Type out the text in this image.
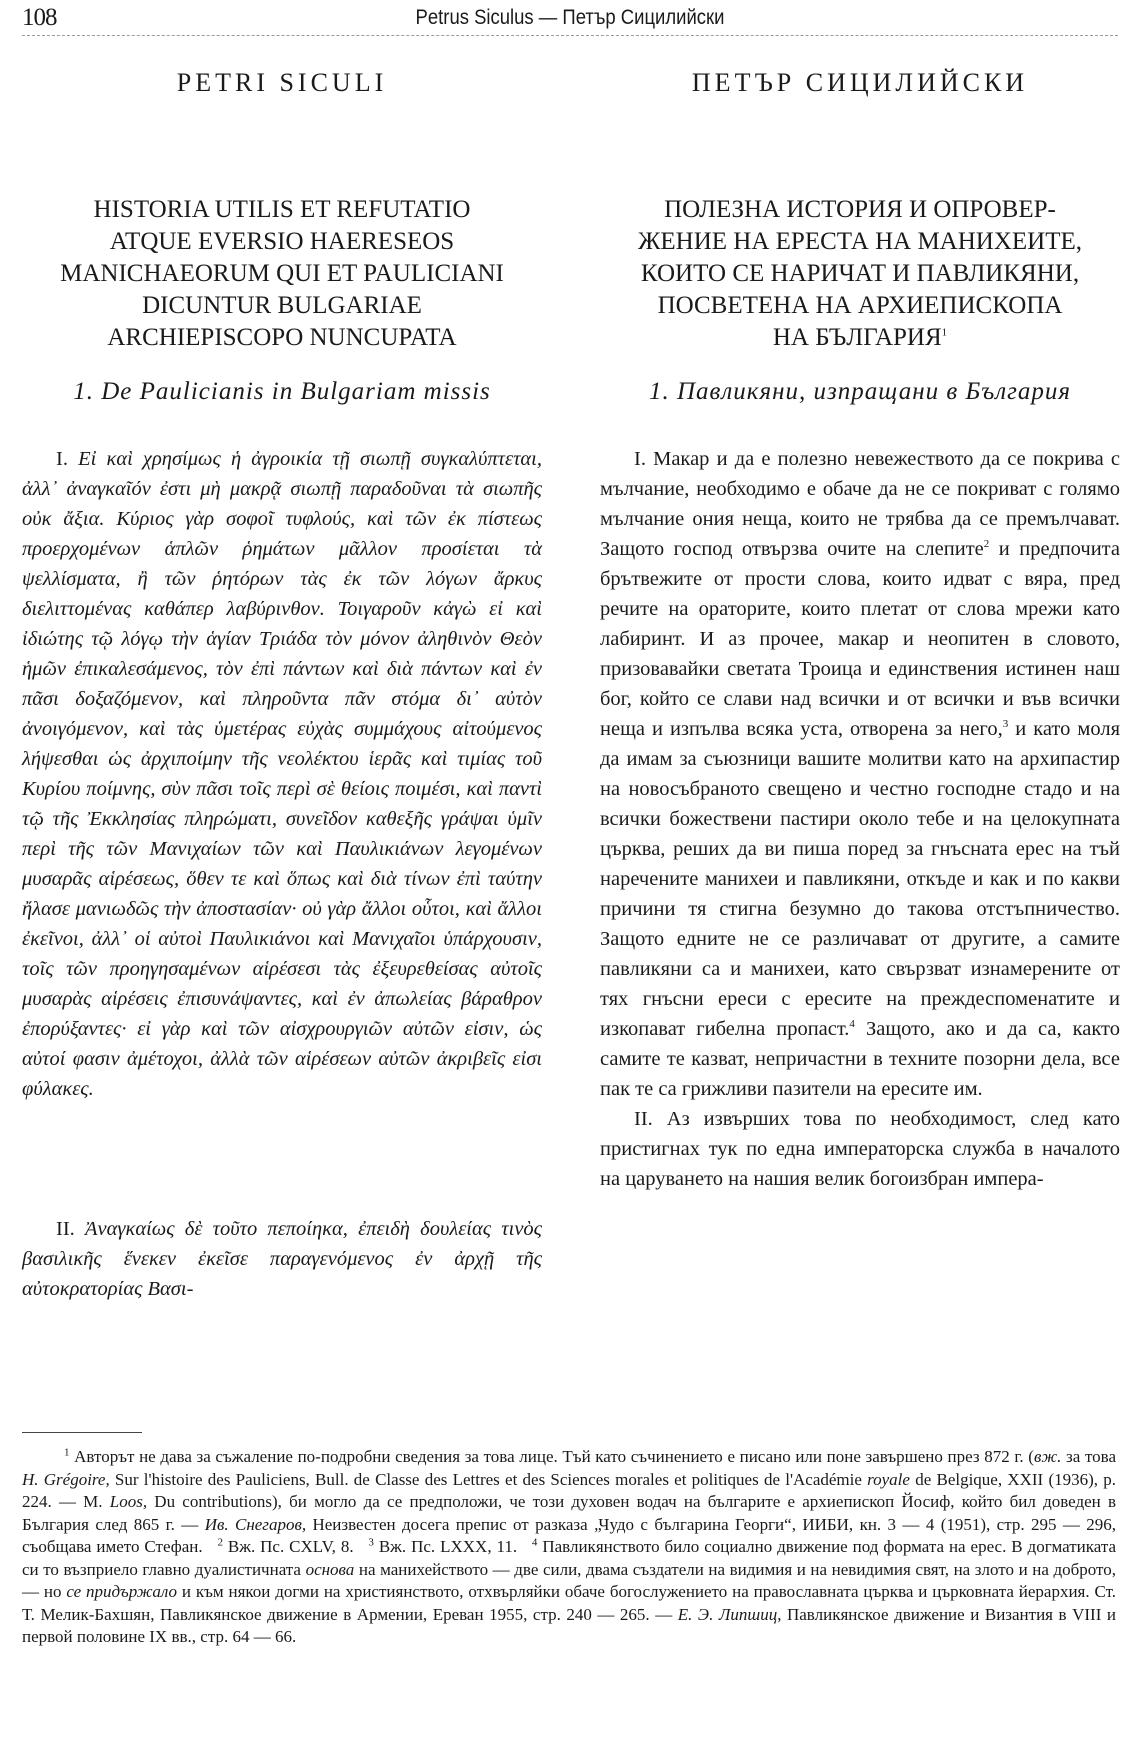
108	Petrus Siculus — Петър Сицилийски
PETRI SICULI
HISTORIA UTILIS ET REFUTATIO
ATQUE EVERSIO HAERESEOS
MANICHAEORUM QUI ET PAULICIANI
DICUNTUR BULGARIAE
ARCHIEPISCOPO NUNCUPATA
1. De Paulicianis in Bulgariam missis

I. Εἰ καὶ χρησίμως ἡ ἀγροικία τῇ σιωπῇ συγκαλύπτεται, ἀλλ᾽ ἀναγκαῖόν ἐστι μὴ μακρᾷ σιωπῇ παραδοῦναι τὰ σιωπῆς οὐκ ἄξια. Κύριος γὰρ σοφοῖ τυφλούς, καὶ τῶν ἐκ πίστεως προερχομένων ἁπλῶν ῥημάτων μᾶλλον προσίεται τὰ ψελλίσματα, ἢ τῶν ῥητόρων τὰς ἐκ τῶν λόγων ἄρκυς διελιττομένας καθάπερ λαβύρινθον. Τοιγαροῦν κἀγὼ εἰ καὶ ἰδιώτης τῷ λόγῳ τὴν ἁγίαν Τριάδα τὸν μόνον ἀληθινὸν Θεὸν ἡμῶν ἐπικαλεσάμενος, τὸν ἐπὶ πάντων καὶ διὰ πάντων καὶ ἐν πᾶσι δοξαζόμενον, καὶ πληροῦντα πᾶν στόμα δι᾽ αὐτὸν ἀνοιγόμενον, καὶ τὰς ὑμετέρας εὐχὰς συμμάχους αἰτούμενος λήψεσθαι ὡς ἀρχιποίμην τῆς νεολέκτου ἱερᾶς καὶ τιμίας τοῦ Κυρίου ποίμνης, σὺν πᾶσι τοῖς περὶ σὲ θείοις ποιμέσι, καὶ παντὶ τῷ τῆς Ἐκκλησίας πληρώματι, συνεῖδον καθεξῆς γράψαι ὑμῖν περὶ τῆς τῶν Μανιχαίων τῶν καὶ Παυλικιάνων λεγομένων μυσαρᾶς αἱρέσεως, ὅθεν τε καὶ ὅπως καὶ διὰ τίνων ἐπὶ ταύτην ἤλασε μανιωδῶς τὴν ἀποστασίαν· οὐ γὰρ ἄλλοι οὗτοι, καὶ ἄλλοι ἐκεῖνοι, ἀλλ᾽ οἱ αὐτοὶ Παυλικιάνοι καὶ Μανιχαῖοι ὑπάρχουσιν, τοῖς τῶν προηγησαμένων αἱρέσεσι τὰς ἐξευρεθείσας αὐτοῖς μυσαρὰς αἱρέσεις ἐπισυνάψαντες, καὶ ἐν ἀπωλείας βάραθρον ἐπορύξαντες· εἰ γὰρ καὶ τῶν αἰσχρουργιῶν αὐτῶν εἰσιν, ὡς αὐτοί φασιν ἀμέτοχοι, ἀλλὰ τῶν αἱρέσεων αὐτῶν ἀκριβεῖς εἰσι φύλακες.

II. Ἀναγκαίως δὲ τοῦτο πεποίηκα, ἐπειδὴ δουλείας τινὸς βασιλικῆς ἕνεκεν ἐκεῖσε παραγενόμενος ἐν ἀρχῇ τῆς αὐτοκρατορίας Βασι-

ПЕТЪР СИЦИЛИЙСКИ
ПОЛЕЗНА ИСТОРИЯ И ОПРОВЕР-
ЖЕНИЕ НА ЕРЕСТА НА МАНИХЕИТЕ,
КОИТО СЕ НАРИЧАТ И ПАВЛИКЯНИ,
ПОСВЕТЕНА НА АРХИЕПИСКОПА
НА БЪЛГАРИЯ$^1$
1. Павликяни, изпращани в България

I. Макар и да е полезно невежеството да се покрива с мълчание, необходимо е обаче да не се покриват с голямо мълчание ония неща, които не трябва да се премълчават. Защото господ отвързва очите на слепите$^2$ и предпочита брътвежите от прости слова, които идват с вяра, пред речите на ораторите, които плетат от слова мрежи като лабиринт. И аз прочее, макар и неопитен в словото, призовавайки светата Троица и единствения истинен наш бог, който се слави над всички и от всички и във всички неща и изпълва всяка уста, отворена за него,$^3$ и като моля да имам за съюзници вашите молитви като на архипастир на новосъбраното свещено и честно господне стадо и на всички божествени пастири около тебе и на целокупната църква, реших да ви пиша поред за гнъсната ерес на тъй наречените манихеи и павликяни, откъде и как и по какви причини тя стигна безумно до такова отстъпничество. Защото едните не се различават от другите, а самите павликяни са и манихеи, като свързват изнамерените от тях гнъсни ереси с ересите на преждеспоменатите и изкопават гибелна пропаст.$^4$ Защото, ако и да са, както самите те казват, непричастни в техните позорни дела, все пак те са грижливи пазители на ересите им.

II. Аз извърших това по необходимост, след като пристигнах тук по една императорска служба в началото на царуването на нашия велик богоизбран импера-

$^1$ Авторът не дава за съжаление по-подробни сведения за това лице. Тъй като съчинението е писано или поне завършено през 872 г. (вж. за това H. Grégoire, Sur l'histoire des Pauliciens, Bull. de Classe des Lettres et des Sciences morales et politiques de l'Académie royale de Belgique, XXII (1936), p. 224. — M. Loos, Du contributions), би могло да се предположи, че този духовен водач на българите е архиепископ Йосиф, който бил доведен в България след 865 г. — Ив. Снегаров, Неизвестен досега препис от разказа „Чудо с българина Георги“, ИИБИ, кн. 3 — 4 (1951), стр. 295 — 296, съобщава името Стефан. $^2$ Вж. Пс. CXLV, 8. $^3$ Вж. Пс. LXXX, 11. $^4$ Павликянството било социално движение под формата на ерес. В догматиката си то възприело главно дуалистичната основа на манихейството — две сили, двама създатели на видимия и на невидимия свят, на злото и на доброто, — но се придържало и към някои догми на християнството, отхвърляйки обаче богослужението на православната църква и църковната йерархия. Ст. Т. Мелик-Бахшян, Павликянское движение в Армении, Ереван 1955, стр. 240 — 265. — Е. Э. Липшиц, Павликянское движение и Византия в VIII и первой половине IX вв., стр. 64 — 66.
